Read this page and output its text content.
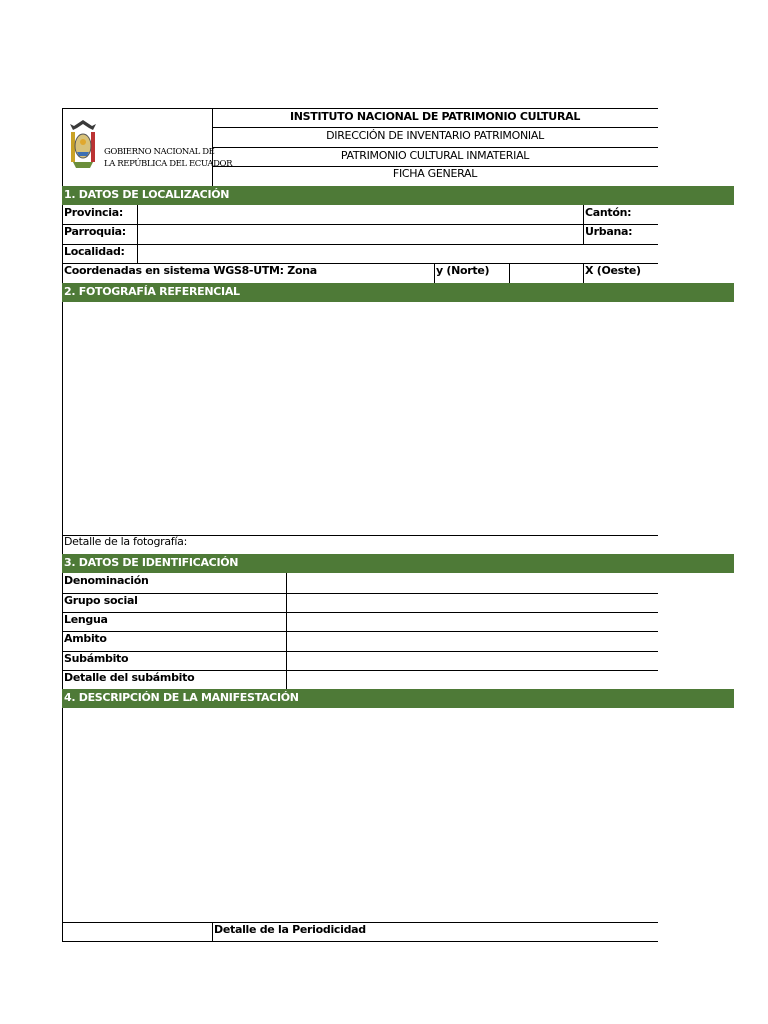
GOBIERNO NACIONAL DE
LA REPÚBLICA DEL ECUADOR
INSTITUTO NACIONAL DE PATRIMONIO CULTURAL
DIRECCIÓN DE INVENTARIO PATRIMONIAL
PATRIMONIO CULTURAL INMATERIAL
FICHA GENERAL
1. DATOS DE LOCALIZACIÓN
Provincia:	Cantón:
Parroquia:	Urbana:
Localidad:
Coordenadas en sistema WGS8-UTM: Zona	y (Norte)	X (Oeste)
2. FOTOGRAFÍA REFERENCIAL
Detalle de la fotografía:
3. DATOS DE IDENTIFICACIÓN
Denominación
Grupo social
Lengua
Ambito
Subámbito
Detalle del subámbito
4. DESCRIPCIÓN DE LA MANIFESTACIÓN
Detalle de la Periodicidad
